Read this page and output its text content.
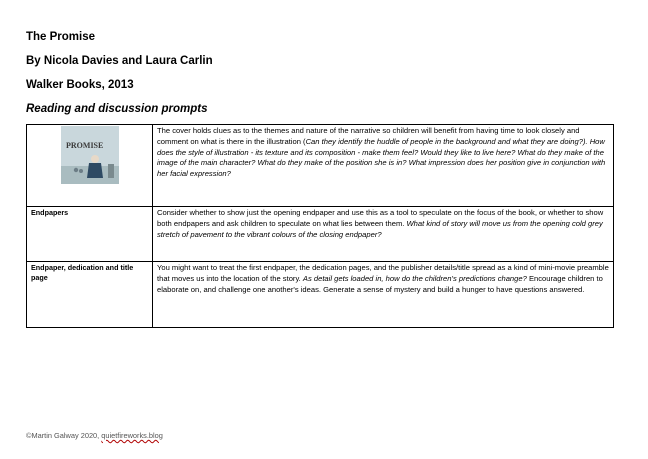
The Promise
By Nicola Davies and Laura Carlin
Walker Books, 2013
Reading and discussion prompts
PROMISE	The cover holds clues as to the themes and nature of the narrative so children will benefit from having time to look closely and comment on what is there in the illustration (Can they identify the huddle of people in the background and what they are doing?). How does the style of illustration - its texture and its composition - make them feel? Would they like to live here? What do they make of the image of the main character? What do they make of the position she is in? What impression does her position give in conjunction with her facial expression?
Endpapers	Consider whether to show just the opening endpaper and use this as a tool to speculate on the focus of the book, or whether to show both endpapers and ask children to speculate on what lies between them. What kind of story will move us from the opening cold grey stretch of pavement to the vibrant colours of the closing endpaper?
Endpaper, dedication and title page	You might want to treat the first endpaper, the dedication pages, and the publisher details/title spread as a kind of mini-movie preamble that moves us into the location of the story. As detail gets loaded in, how do the children's predictions change? Encourage children to elaborate on, and challenge one another's ideas. Generate a sense of mystery and build a hunger to have questions answered.
©Martin Galway 2020, quietfireworks.blog
